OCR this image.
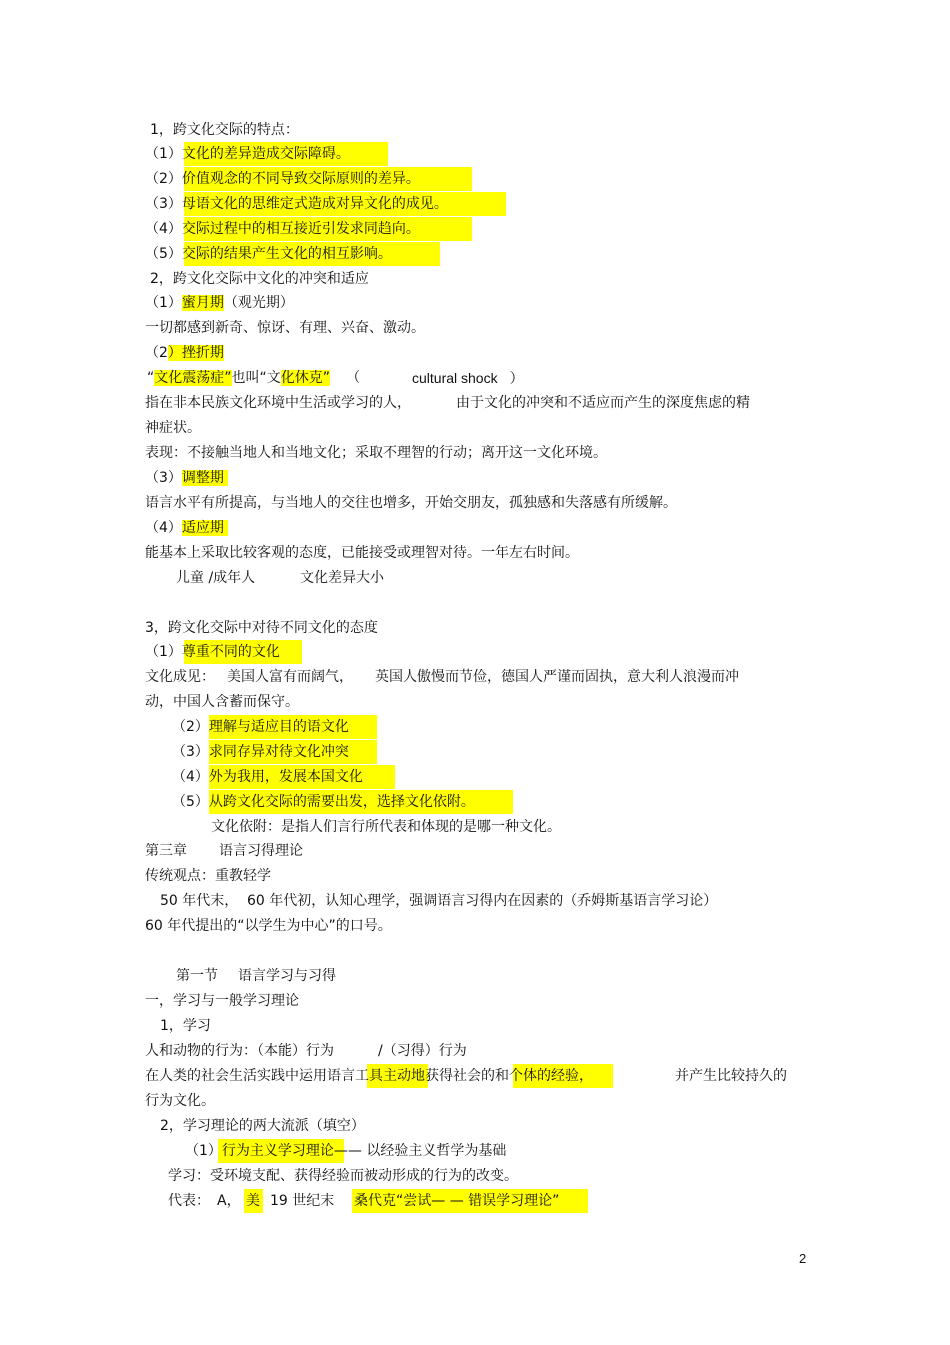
1，跨文化交际的特点：
（1）文化的差异造成交际障碍。
（2）价值观念的不同导致交际原则的差异。
（3）母语文化的思维定式造成对异文化的成见。
（4）交际过程中的相互接近引发求同趋向。
（5）交际的结果产生文化的相互影响。
2，跨文化交际中文化的冲突和适应
（1）蜜月期（观光期）
一切都感到新奇、惊讶、有理、兴奋、激动。
（2）挫折期
“文化震荡症”也叫“文化休克” （	cultural shock ）
指在非本民族文化环境中生活或学习的人，	由于文化的冲突和不适应而产生的深度焦虑的精
神症状。
表现：不接触当地人和当地文化；采取不理智的行动；离开这一文化环境。
（3）调整期
语言水平有所提高，与当地人的交往也增多，开始交朋友，孤独感和失落感有所缓解。
（4）适应期
能基本上采取比较客观的态度，已能接受或理智对待。一年左右时间。
儿童 /成年人	文化差异大小
3，跨文化交际中对待不同文化的态度
（1）尊重不同的文化
文化成见： 美国人富有而阔气， 英国人傲慢而节俭，德国人严谨而固执，意大利人浪漫而冲
动，中国人含蓄而保守。
（2）理解与适应目的语文化
（3）求同存异对待文化冲突
（4）外为我用，发展本国文化
（5）从跨文化交际的需要出发，选择文化依附。
文化依附：是指人们言行所代表和体现的是哪一种文化。
第三章 语言习得理论
传统观点：重教轻学
50 年代末， 60 年代初，认知心理学，强调语言习得内在因素的（乔姆斯基语言学习论）
60 年代提出的“以学生为中心”的口号。
第一节 语言学习与习得
一，学习与一般学习理论
1，学习
人和动物的行为：（本能）行为	/（习得）行为
在人类的社会生活实践中运用语言工具主动地获得社会的和个体的经验，	并产生比较持久的
行为文化。
2，学习理论的两大流派（填空）
（1）行为主义学习理论—— 以经验主义哲学为基础
学习：受环境支配、获得经验而被动形成的行为的改变。
代表： A， 美 19 世纪末 桑代克“尝试— — 错误学习理论”
2
